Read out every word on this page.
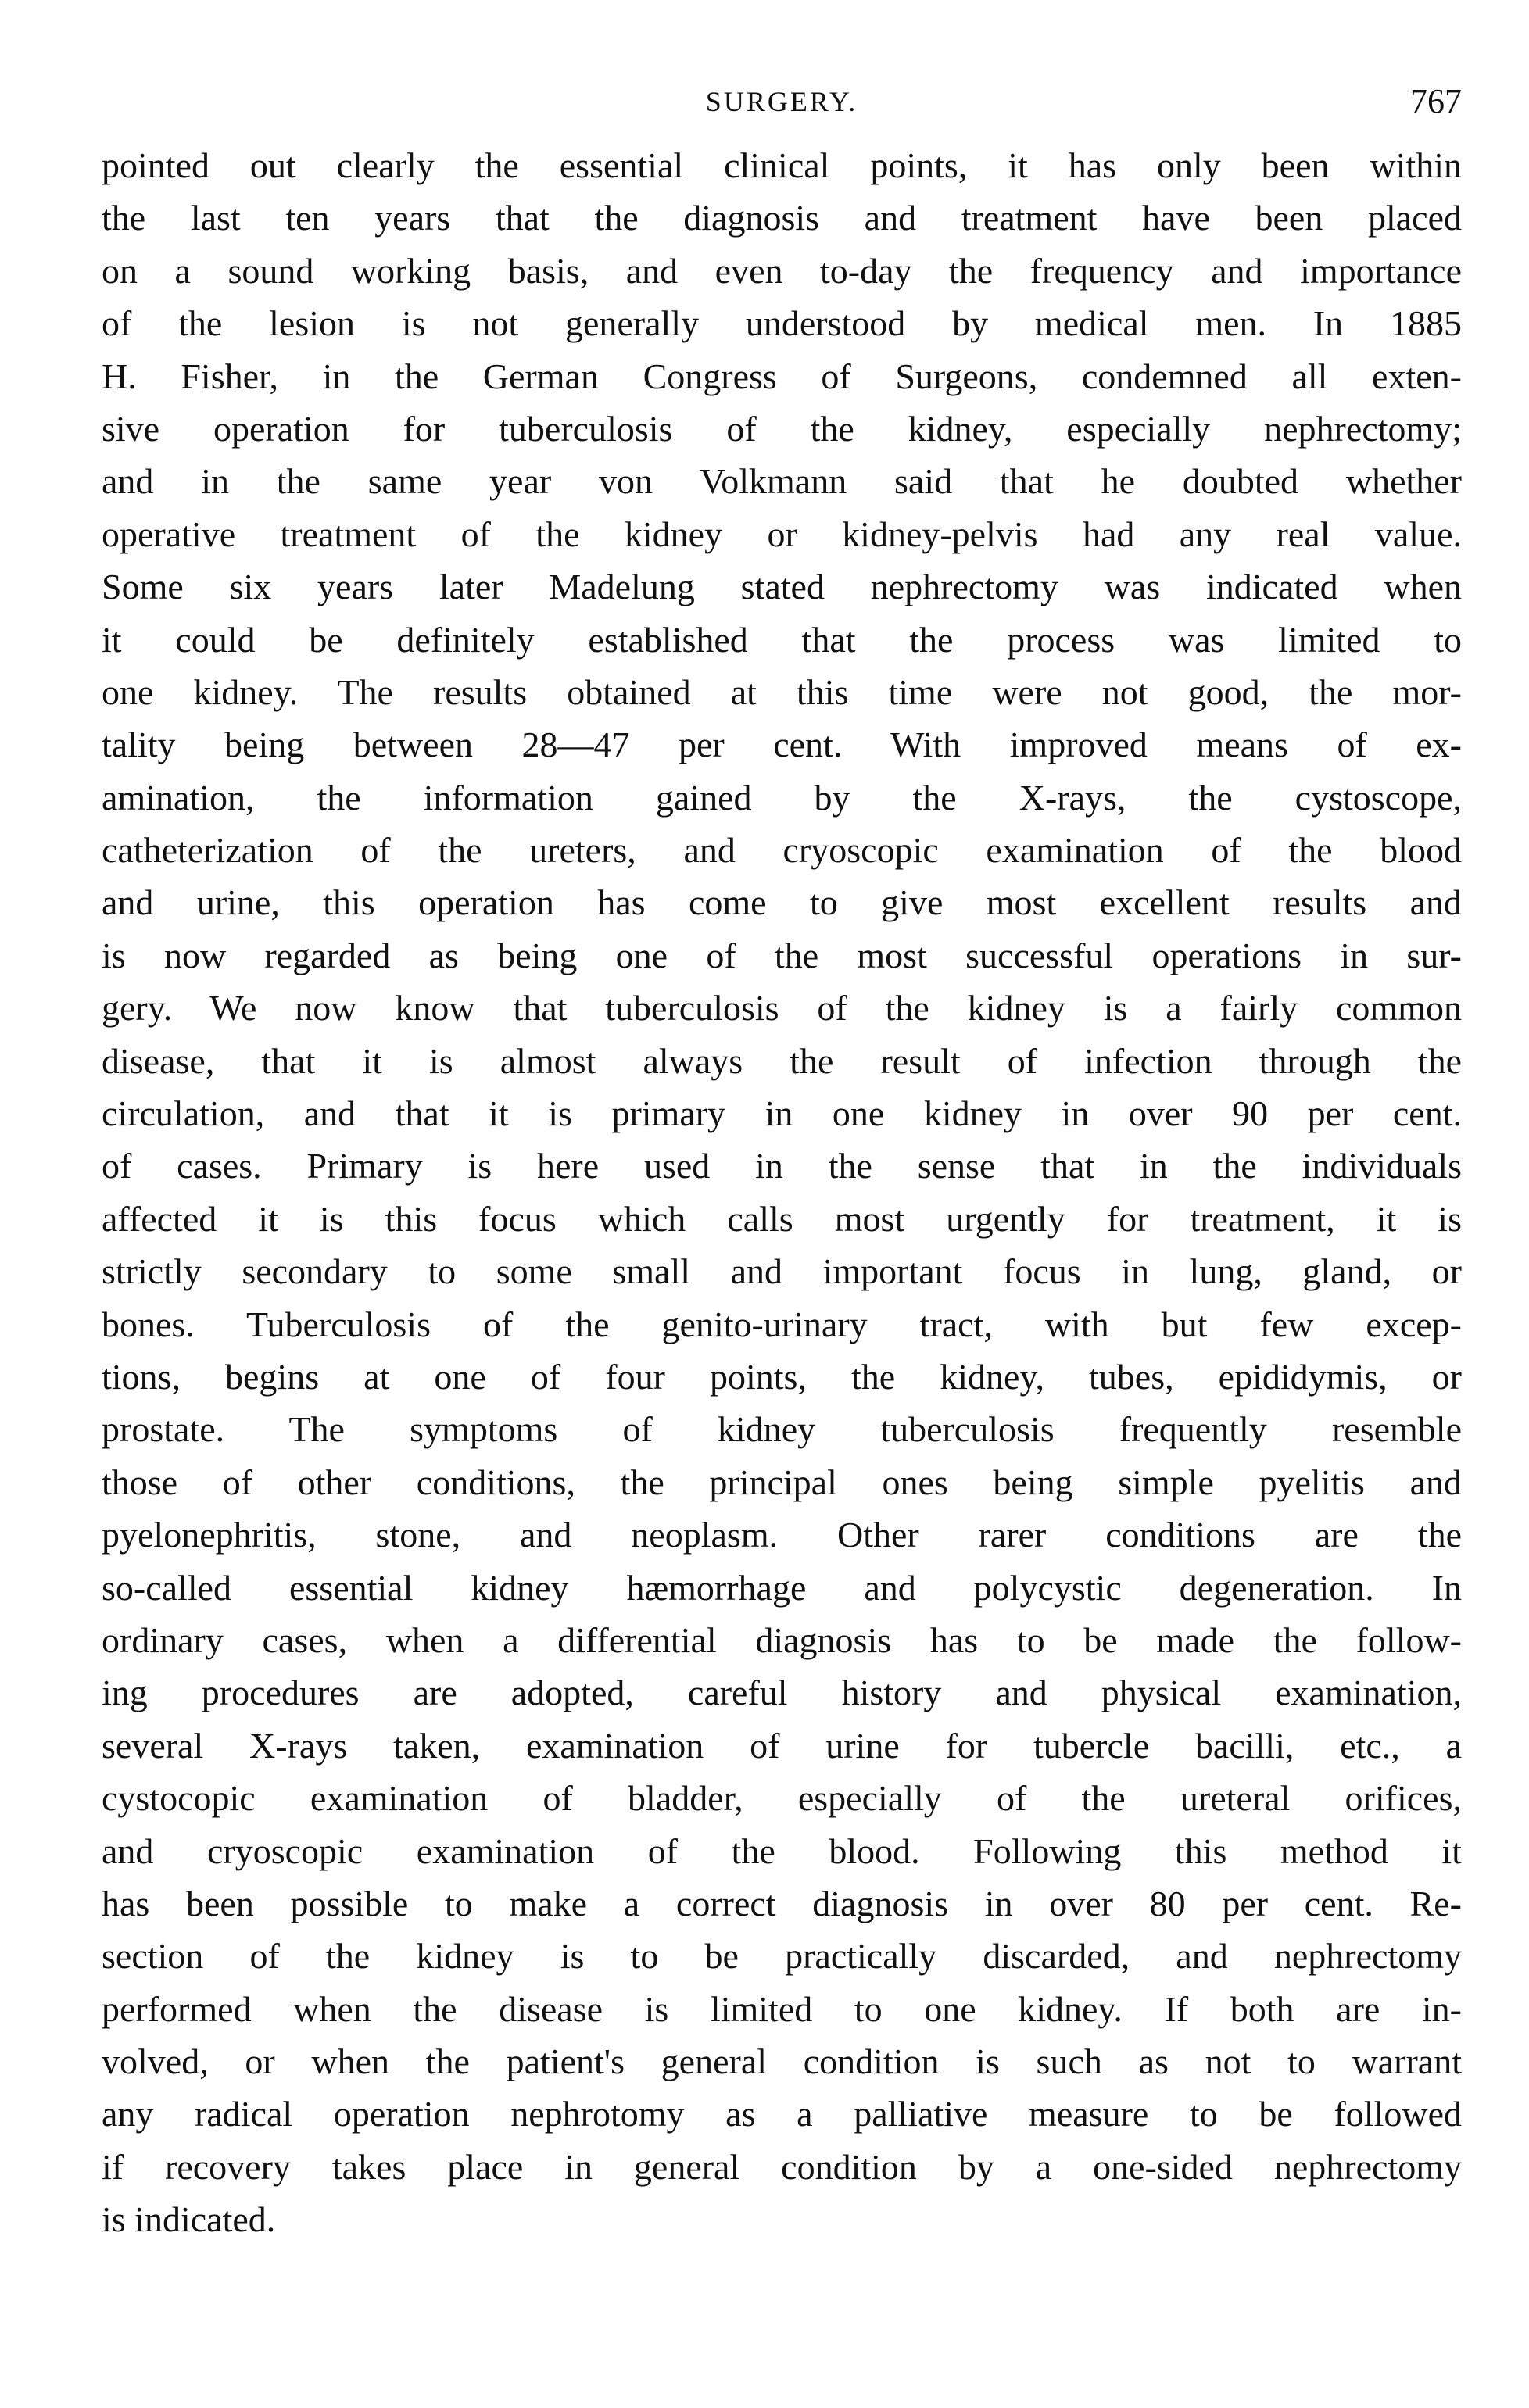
SURGERY.	767
pointed out clearly the essential clinical points, it has only been within
the last ten years that the diagnosis and treatment have been placed
on a sound working basis, and even to-day the frequency and importance
of the lesion is not generally understood by medical men. In 1885
H. Fisher, in the German Congress of Surgeons, condemned all exten-
sive operation for tuberculosis of the kidney, especially nephrectomy;
and in the same year von Volkmann said that he doubted whether
operative treatment of the kidney or kidney-pelvis had any real value.
Some six years later Madelung stated nephrectomy was indicated when
it could be definitely established that the process was limited to
one kidney. The results obtained at this time were not good, the mor-
tality being between 28—47 per cent. With improved means of ex-
amination, the information gained by the X-rays, the cystoscope,
catheterization of the ureters, and cryoscopic examination of the blood
and urine, this operation has come to give most excellent results and
is now regarded as being one of the most successful operations in sur-
gery. We now know that tuberculosis of the kidney is a fairly common
disease, that it is almost always the result of infection through the
circulation, and that it is primary in one kidney in over 90 per cent.
of cases. Primary is here used in the sense that in the individuals
affected it is this focus which calls most urgently for treatment, it is
strictly secondary to some small and important focus in lung, gland, or
bones. Tuberculosis of the genito-urinary tract, with but few excep-
tions, begins at one of four points, the kidney, tubes, epididymis, or
prostate. The symptoms of kidney tuberculosis frequently resemble
those of other conditions, the principal ones being simple pyelitis and
pyelonephritis, stone, and neoplasm. Other rarer conditions are the
so-called essential kidney hæmorrhage and polycystic degeneration. In
ordinary cases, when a differential diagnosis has to be made the follow-
ing procedures are adopted, careful history and physical examination,
several X-rays taken, examination of urine for tubercle bacilli, etc., a
cystocopic examination of bladder, especially of the ureteral orifices,
and cryoscopic examination of the blood. Following this method it
has been possible to make a correct diagnosis in over 80 per cent. Re-
section of the kidney is to be practically discarded, and nephrectomy
performed when the disease is limited to one kidney. If both are in-
volved, or when the patient's general condition is such as not to warrant
any radical operation nephrotomy as a palliative measure to be followed
if recovery takes place in general condition by a one-sided nephrectomy
is indicated.
